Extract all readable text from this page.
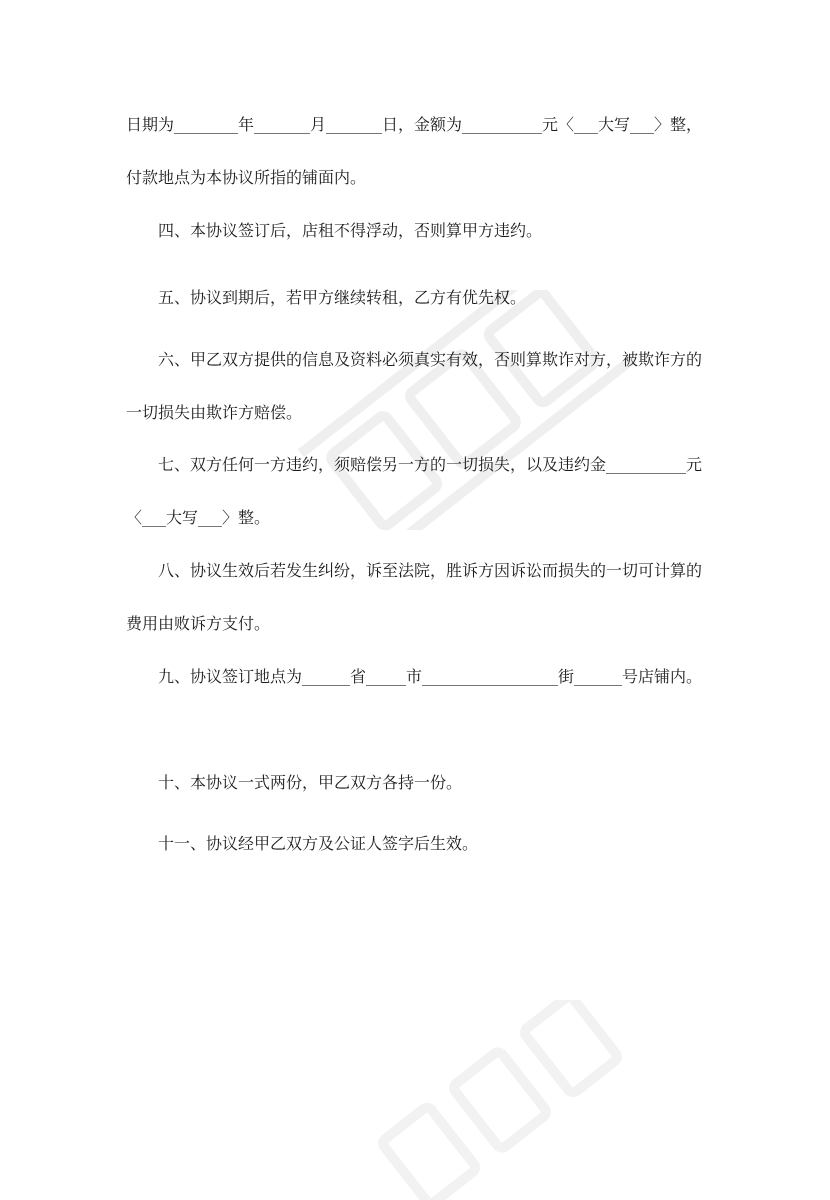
日期为________年_______月_______日，金额为__________元〈___大写___〉整，付款地点为本协议所指的铺面内。

四、本协议签订后，店租不得浮动，否则算甲方违约。

五、协议到期后，若甲方继续转租，乙方有优先权。

六、甲乙双方提供的信息及资料必须真实有效，否则算欺诈对方，被欺诈方的一切损失由欺诈方赔偿。

七、双方任何一方违约，须赔偿另一方的一切损失，以及违约金__________元〈___大写___〉整。

八、协议生效后若发生纠纷，诉至法院，胜诉方因诉讼而损失的一切可计算的费用由败诉方支付。

九、协议签订地点为______省_____市_________________街______号店铺内。

十、本协议一式两份，甲乙双方各持一份。

十一、协议经甲乙双方及公证人签字后生效。
